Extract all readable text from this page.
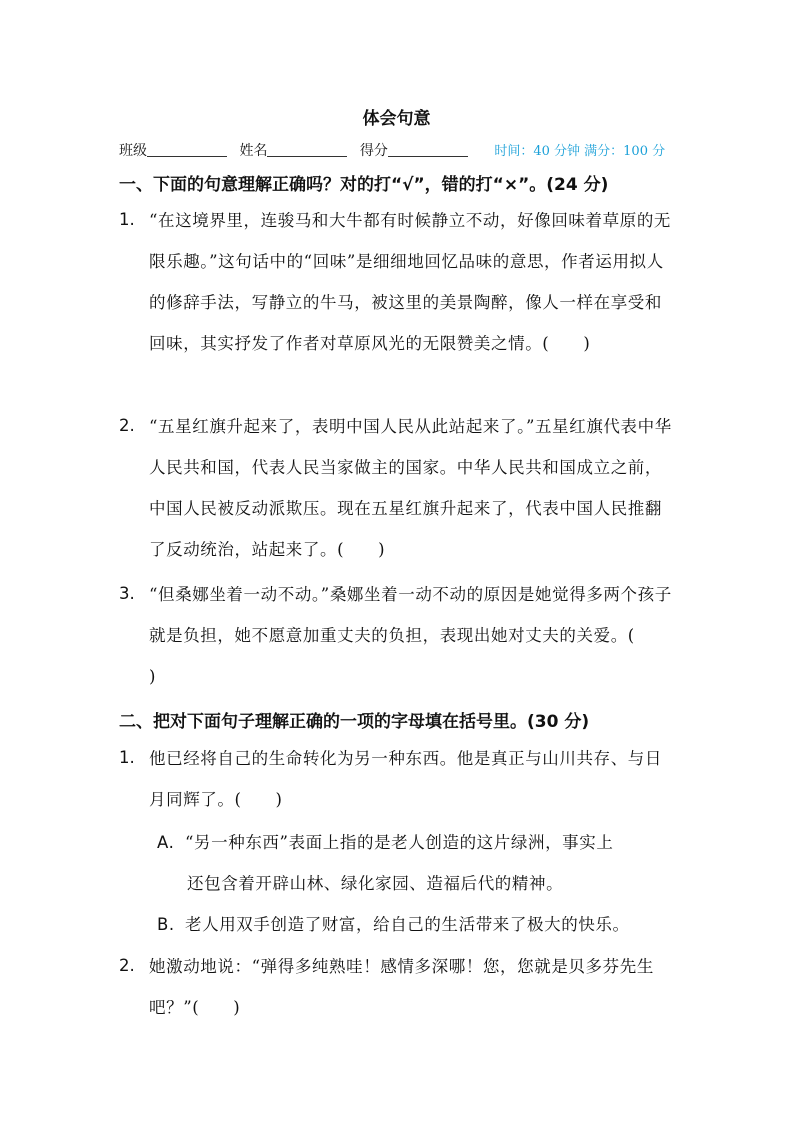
体会句意
班级	姓名	得分	时间：40 分钟 满分：100 分
一、下面的句意理解正确吗？对的打“√”，错的打“×”。(24 分)
1. “在这境界里，连骏马和大牛都有时候静立不动，好像回味着草原的无限乐趣。”这句话中的“回味”是细细地回忆品味的意思，作者运用拟人的修辞手法，写静立的牛马，被这里的美景陶醉，像人一样在享受和回味，其实抒发了作者对草原风光的无限赞美之情。( )
2. “五星红旗升起来了，表明中国人民从此站起来了。”五星红旗代表中华人民共和国，代表人民当家做主的国家。中华人民共和国成立之前，中国人民被反动派欺压。现在五星红旗升起来了，代表中国人民推翻了反动统治，站起来了。( )
3. “但桑娜坐着一动不动。”桑娜坐着一动不动的原因是她觉得多两个孩子就是负担，她不愿意加重丈夫的负担，表现出她对丈夫的关爱。()
二、把对下面句子理解正确的一项的字母填在括号里。(30 分)
1. 他已经将自己的生命转化为另一种东西。他是真正与山川共存、与日月同辉了。( )
A. “另一种东西”表面上指的是老人创造的这片绿洲，事实上
还包含着开辟山林、绿化家园、造福后代的精神。
B. 老人用双手创造了财富，给自己的生活带来了极大的快乐。
2. 她激动地说：“弹得多纯熟哇！感情多深哪！您，您就是贝多芬先生吧？”( )
